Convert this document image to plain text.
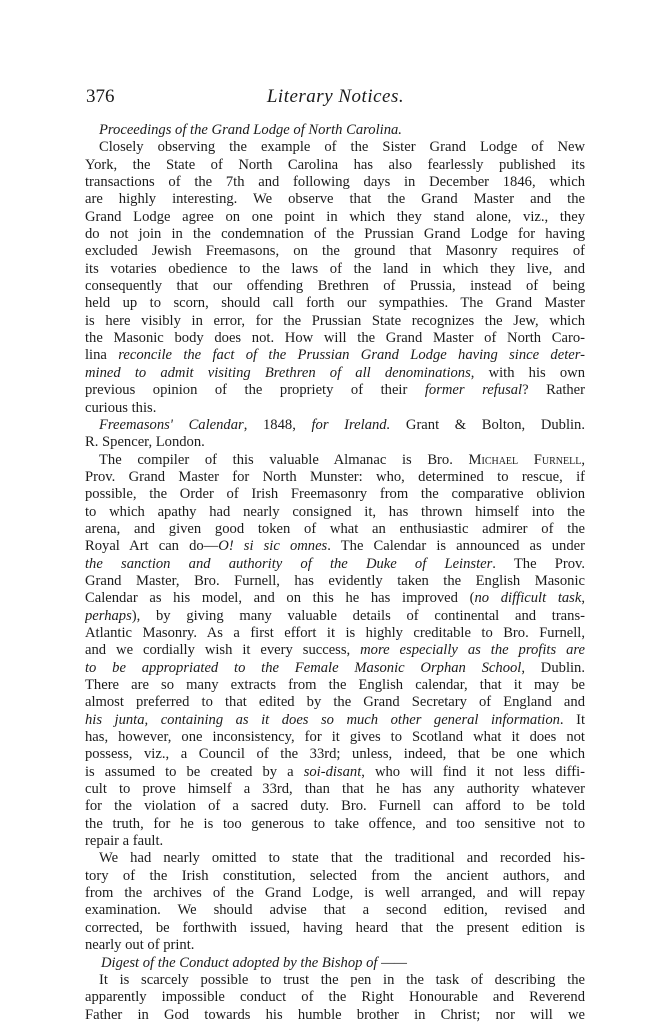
376	Literary Notices.
Proceedings of the Grand Lodge of North Carolina.
Closely observing the example of the Sister Grand Lodge of New
York, the State of North Carolina has also fearlessly published its
transactions of the 7th and following days in December 1846, which
are highly interesting. We observe that the Grand Master and the
Grand Lodge agree on one point in which they stand alone, viz., they
do not join in the condemnation of the Prussian Grand Lodge for having
excluded Jewish Freemasons, on the ground that Masonry requires of
its votaries obedience to the laws of the land in which they live, and
consequently that our offending Brethren of Prussia, instead of being
held up to scorn, should call forth our sympathies. The Grand Master
is here visibly in error, for the Prussian State recognizes the Jew, which
the Masonic body does not. How will the Grand Master of North Caro-
lina reconcile the fact of the Prussian Grand Lodge having since deter-
mined to admit visiting Brethren of all denominations, with his own
previous opinion of the propriety of their former refusal? Rather
curious this.
Freemasons' Calendar, 1848, for Ireland. Grant & Bolton, Dublin.
R. Spencer, London.
The compiler of this valuable Almanac is Bro. Michael Furnell,
Prov. Grand Master for North Munster: who, determined to rescue, if
possible, the Order of Irish Freemasonry from the comparative oblivion
to which apathy had nearly consigned it, has thrown himself into the
arena, and given good token of what an enthusiastic admirer of the
Royal Art can do—O! si sic omnes. The Calendar is announced as under
the sanction and authority of the Duke of Leinster. The Prov.
Grand Master, Bro. Furnell, has evidently taken the English Masonic
Calendar as his model, and on this he has improved (no difficult task,
perhaps), by giving many valuable details of continental and trans-
Atlantic Masonry. As a first effort it is highly creditable to Bro. Furnell,
and we cordially wish it every success, more especially as the profits are
to be appropriated to the Female Masonic Orphan School, Dublin.
There are so many extracts from the English calendar, that it may be
almost preferred to that edited by the Grand Secretary of England and
his junta, containing as it does so much other general information. It
has, however, one inconsistency, for it gives to Scotland what it does not
possess, viz., a Council of the 33rd; unless, indeed, that be one which
is assumed to be created by a soi-disant, who will find it not less diffi-
cult to prove himself a 33rd, than that he has any authority whatever
for the violation of a sacred duty. Bro. Furnell can afford to be told
the truth, for he is too generous to take offence, and too sensitive not to
repair a fault.
We had nearly omitted to state that the traditional and recorded his-
tory of the Irish constitution, selected from the ancient authors, and
from the archives of the Grand Lodge, is well arranged, and will repay
examination. We should advise that a second edition, revised and
corrected, be forthwith issued, having heard that the present edition is
nearly out of print.
Digest of the Conduct adopted by the Bishop of ——
It is scarcely possible to trust the pen in the task of describing the
apparently impossible conduct of the Right Honourable and Reverend
Father in God towards his humble brother in Christ; nor will we
